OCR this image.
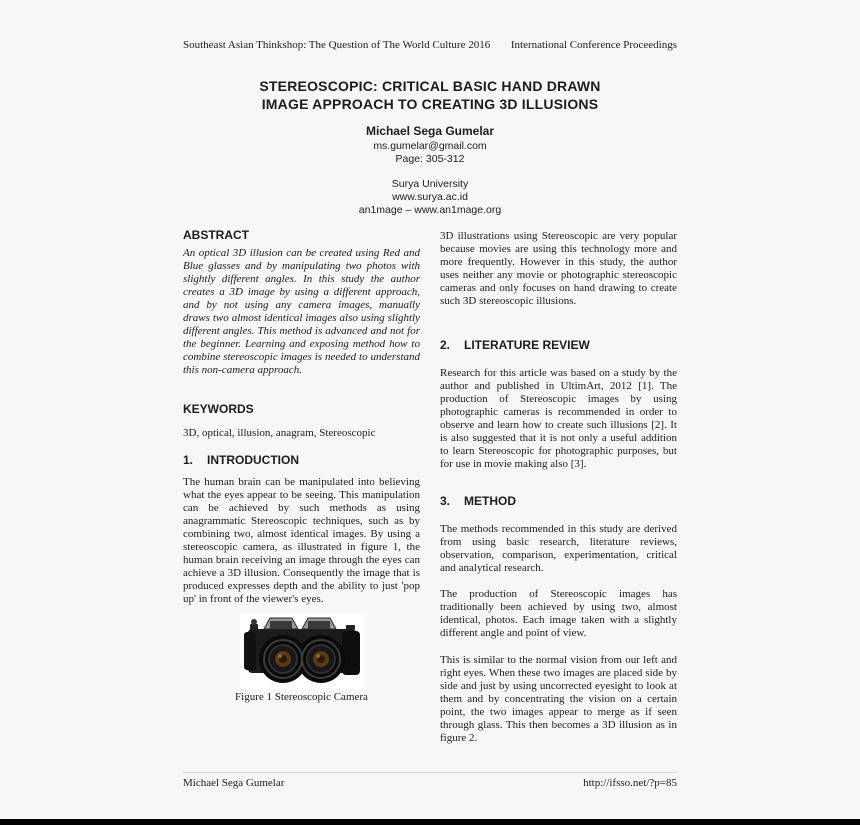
Southeast Asian Thinkshop: The Question of The World Culture 2016 International Conference Proceedings
STEREOSCOPIC: CRITICAL BASIC HAND DRAWN
IMAGE APPROACH TO CREATING 3D ILLUSIONS
Michael Sega Gumelar
ms.gumelar@gmail.com
Page: 305-312
Surya University
www.surya.ac.id
an1mage – www.an1mage.org
ABSTRACT
An optical 3D illusion can be created using Red and Blue glasses and by manipulating two photos with slightly different angles. In this study the author creates a 3D image by using a different approach, and by not using any camera images, manually draws two almost identical images also using slightly different angles. This method is advanced and not for the beginner. Learning and exposing method how to combine stereoscopic images is needed to understand this non-camera approach.
KEYWORDS
3D, optical, illusion, anagram, Stereoscopic
1. INTRODUCTION
The human brain can be manipulated into believing what the eyes appear to be seeing. This manipulation can be achieved by such methods as using anagrammatic Stereoscopic techniques, such as by combining two, almost identical images. By using a stereoscopic camera, as illustrated in figure 1, the human brain receiving an image through the eyes can achieve a 3D illusion. Consequently the image that is produced expresses depth and the ability to just 'pop up' in front of the viewer's eyes.
Figure 1 Stereoscopic Camera
3D illustrations using Stereoscopic are very popular because movies are using this technology more and more frequently. However in this study, the author uses neither any movie or photographic stereoscopic cameras and only focuses on hand drawing to create such 3D stereoscopic illusions.
2. LITERATURE REVIEW
Research for this article was based on a study by the author and published in UltimArt, 2012 [1]. The production of Stereoscopic images by using photographic cameras is recommended in order to observe and learn how to create such illusions [2]. It is also suggested that it is not only a useful addition to learn Stereoscopic for photographic purposes, but for use in movie making also [3].
3. METHOD
The methods recommended in this study are derived from using basic research, literature reviews, observation, comparison, experimentation, critical and analytical research.
The production of Stereoscopic images has traditionally been achieved by using two, almost identical, photos. Each image taken with a slightly different angle and point of view.
This is similar to the normal vision from our left and right eyes. When these two images are placed side by side and just by using uncorrected eyesight to look at them and by concentrating the vision on a certain point, the two images appear to merge as if seen through glass. This then becomes a 3D illusion as in figure 2.
Michael Sega Gumelar	http://ifsso.net/?p=85
